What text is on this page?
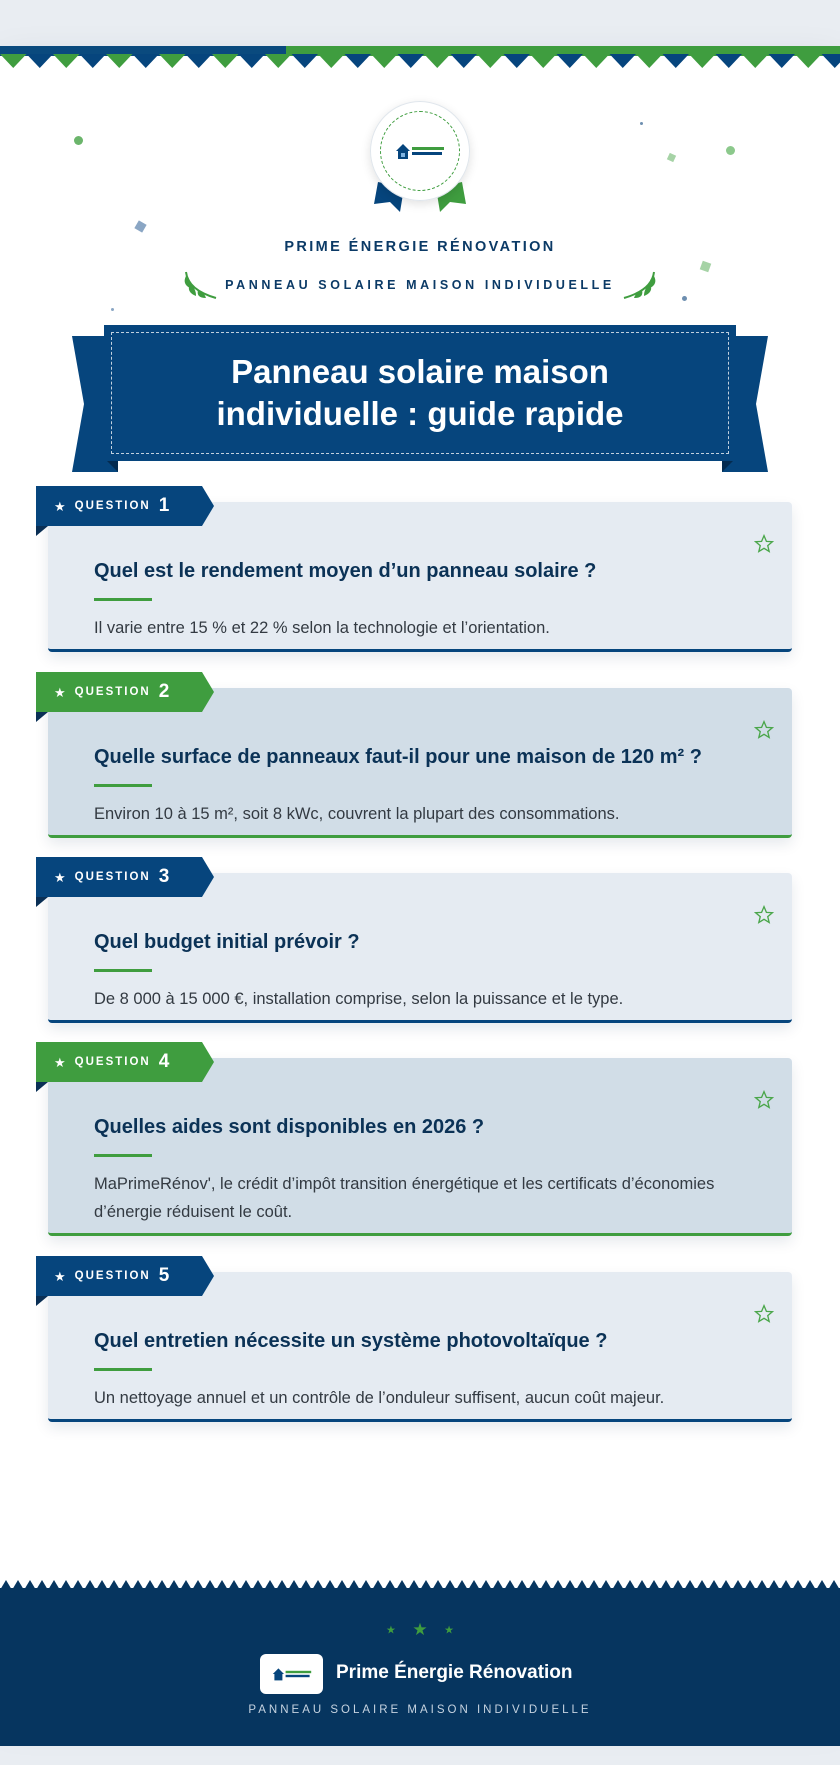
PRIME ÉNERGIE RÉNOVATION
PANNEAU SOLAIRE MAISON INDIVIDUELLE
Panneau solaire maison individuelle : guide rapide
Quel est le rendement moyen d’un panneau solaire ?
Il varie entre 15 % et 22 % selon la technologie et l’orientation.
★ QUESTION 1
Quelle surface de panneaux faut-il pour une maison de 120 m² ?
Environ 10 à 15 m², soit 8 kWc, couvrent la plupart des consommations.
★ QUESTION 2
Quel budget initial prévoir ?
De 8 000 à 15 000 €, installation comprise, selon la puissance et le type.
★ QUESTION 3
Quelles aides sont disponibles en 2026 ?
MaPrimeRénov', le crédit d’impôt transition énergétique et les certificats d’économies d’énergie réduisent le coût.
★ QUESTION 4
Quel entretien nécessite un système photovoltaïque ?
Un nettoyage annuel et un contrôle de l’onduleur suffisent, aucun coût majeur.
★ QUESTION 5
★ ★ ★
Prime Énergie Rénovation
PANNEAU SOLAIRE MAISON INDIVIDUELLE
